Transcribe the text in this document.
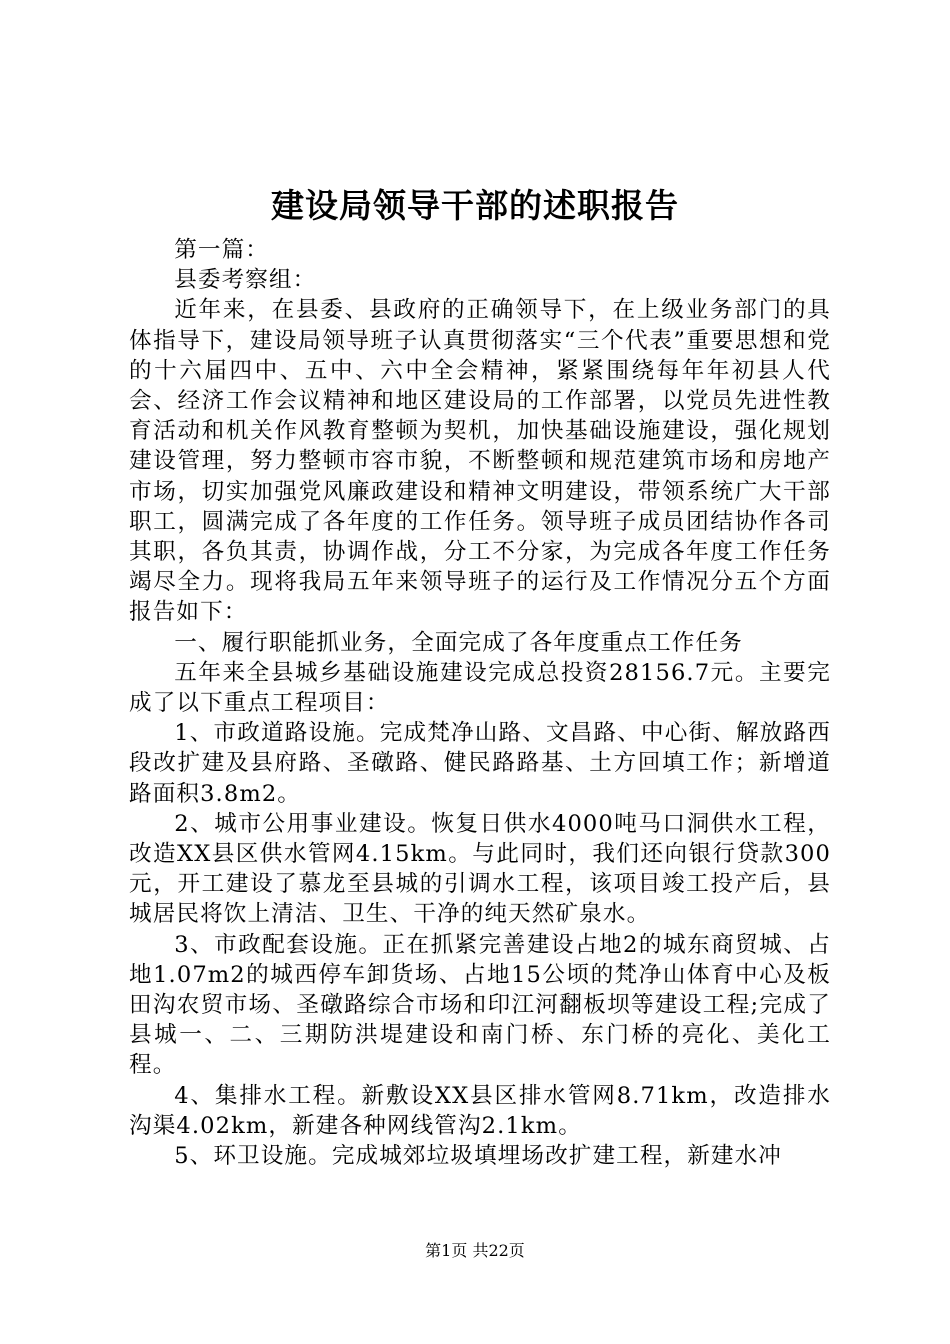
建设局领导干部的述职报告

第一篇：

县委考察组：

近年来，在县委、县政府的正确领导下，在上级业务部门的具体指导下，建设局领导班子认真贯彻落实“三个代表”重要思想和党的十六届四中、五中、六中全会精神，紧紧围绕每年年初县人代会、经济工作会议精神和地区建设局的工作部署，以党员先进性教育活动和机关作风教育整顿为契机，加快基础设施建设，强化规划建设管理，努力整顿市容市貌，不断整顿和规范建筑市场和房地产市场，切实加强党风廉政建设和精神文明建设，带领系统广大干部职工，圆满完成了各年度的工作任务。领导班子成员团结协作各司其职，各负其责，协调作战，分工不分家，为完成各年度工作任务竭尽全力。现将我局五年来领导班子的运行及工作情况分五个方面报告如下：

一、履行职能抓业务，全面完成了各年度重点工作任务

五年来全县城乡基础设施建设完成总投资28156.7元。主要完成了以下重点工程项目：

1、市政道路设施。完成梵净山路、文昌路、中心街、解放路西段改扩建及县府路、圣礅路、健民路路基、土方回填工作；新增道路面积3.8m2。

2、城市公用事业建设。恢复日供水4000吨马口洞供水工程，改造XX县区供水管网4.15km。与此同时，我们还向银行贷款300元，开工建设了慕龙至县城的引调水工程，该项目竣工投产后，县城居民将饮上清洁、卫生、干净的纯天然矿泉水。

3、市政配套设施。正在抓紧完善建设占地2的城东商贸城、占地1.07m2的城西停车卸货场、占地15公顷的梵净山体育中心及板田沟农贸市场、圣礅路综合市场和印江河翻板坝等建设工程;完成了县城一、二、三期防洪堤建设和南门桥、东门桥的亮化、美化工程。

4、集排水工程。新敷设XX县区排水管网8.71km，改造排水沟渠4.02km，新建各种网线管沟2.1km。

5、环卫设施。完成城郊垃圾填埋场改扩建工程，新建水冲

第1页 共22页
